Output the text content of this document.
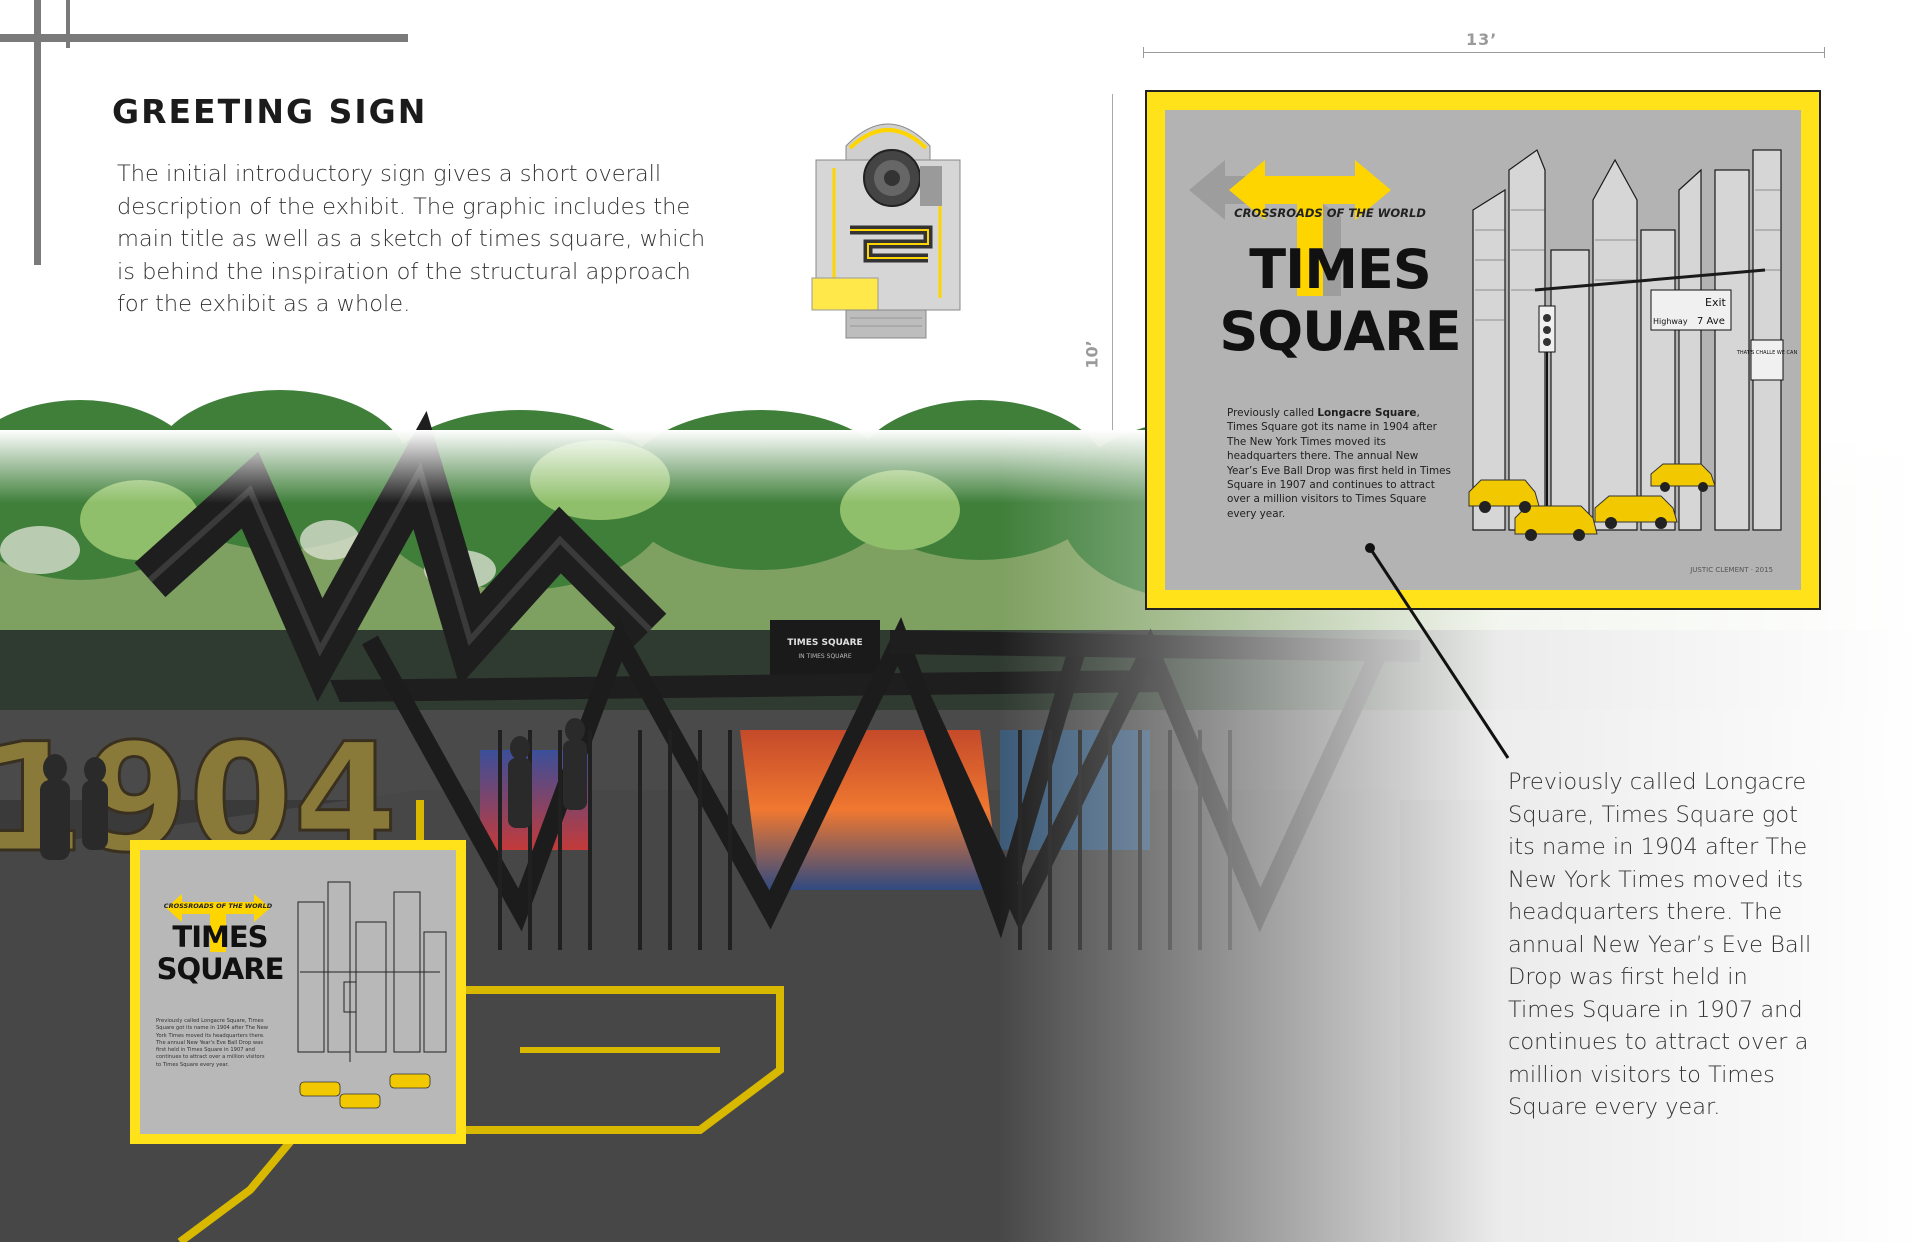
GREETING SIGN

The initial introductory sign gives a short overall description of the exhibit. The graphic includes the main title as well as a sketch of times square, which is behind the inspiration of the structural approach for the exhibit as a whole.

13’
10’
CROSSROADS OF THE WORLD

TIMES

SQUARE

Previously called Longacre Square, Times Square got its name in 1904 after The New York Times moved its headquarters there. The annual New Year's Eve Ball Drop was first held in Times Square in 1907 and continues to attract over a million visitors to Times Square every year.

CROSSROADS OF THE WORLD

TIMES

SQUARE

Previously called Longacre Square, Times Square got its name in 1904 after The New York Times moved its headquarters there. The annual New Year’s Eve Ball Drop was first held in Times Square in 1907 and continues to attract over a million visitors to Times Square every year.

Exit
7 Ave
Highway
THAT'S CHALLE WE CAN
JUSTIC CLEMENT · 2015

Previously called Longacre Square, Times Square got its name in 1904 after The New York Times moved its headquarters there. The annual New Year’s Eve Ball Drop was first held in Times Square in 1907 and continues to attract over a million visitors to Times Square every year.
